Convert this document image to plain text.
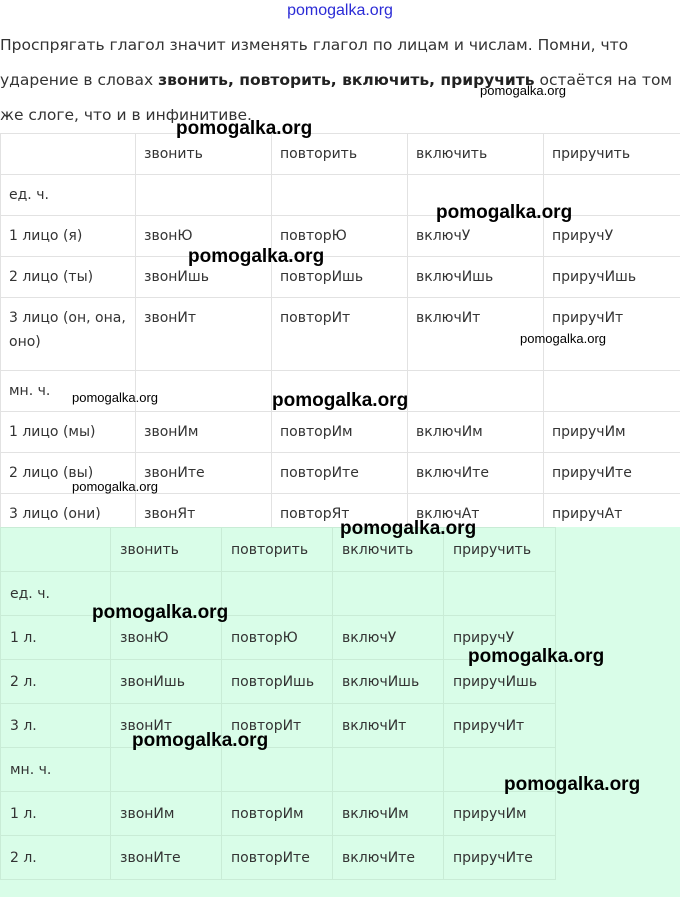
pomogalka.org
Проспрягать глагол значит изменять глагол по лицам и числам. Помни, что ударение в словах звонить, повторить, включить, приручить остаётся на том же слоге, что и в инфинитиве.
	звонить	повторить	включить	приручить
ед. ч.				
1 лицо (я)	звонЮ	повторЮ	включУ	приручУ
2 лицо (ты)	звонИшь	повторИшь	включИшь	приручИшь
3 лицо (он, она, оно)	звонИт	повторИт	включИт	приручИт
мн. ч.				
1 лицо (мы)	звонИм	повторИм	включИм	приручИм
2 лицо (вы)	звонИте	повторИте	включИте	приручИте
3 лицо (они)	звонЯт	повторЯт	включАт	приручАт
	звонить	повторить	включить	приручить
ед. ч.				
1 л.	звонЮ	повторЮ	включУ	приручУ
2 л.	звонИшь	повторИшь	включИшь	приручИшь
3 л.	звонИт	повторИт	включИт	приручИт
мн. ч.				
1 л.	звонИм	повторИм	включИм	приручИм
2 л.	звонИте	повторИте	включИте	приручИте
pomogalka.org
pomogalka.org
pomogalka.org
pomogalka.org
pomogalka.org
pomogalka.org	pomogalka.org
pomogalka.org
pomogalka.org
pomogalka.org
pomogalka.org
pomogalka.org
pomogalka.org
